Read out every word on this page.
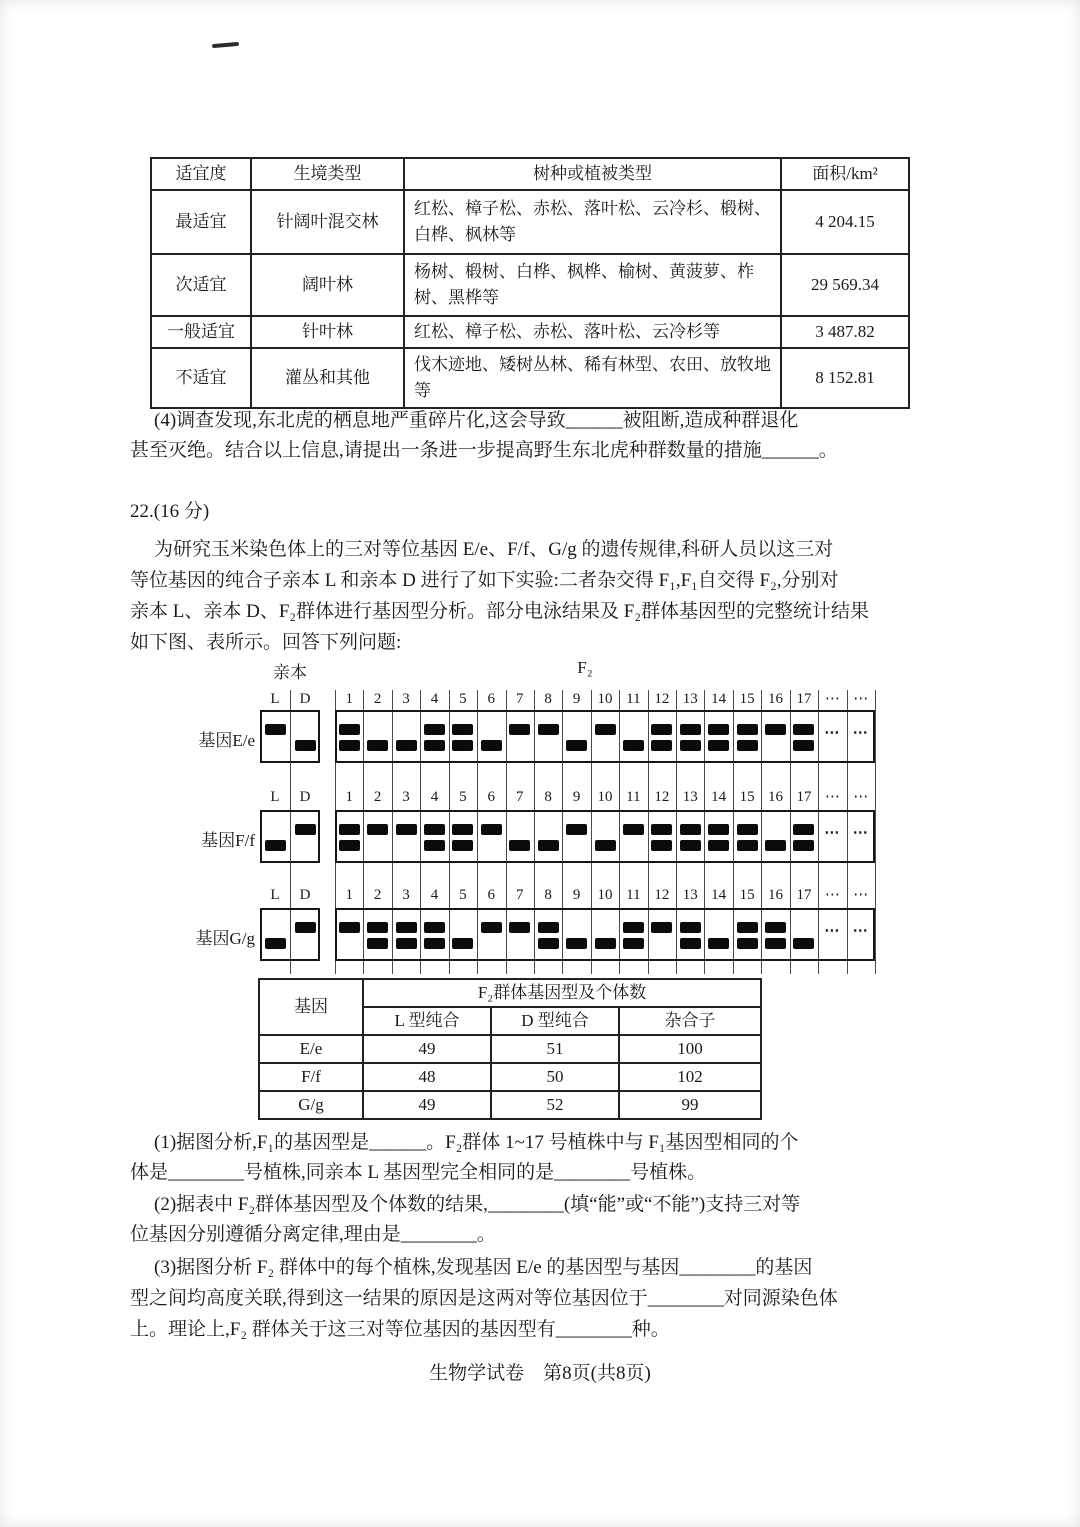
适宜度	生境类型	树种或植被类型	面积/km²
最适宜	针阔叶混交林	红松、樟子松、赤松、落叶松、云冷杉、椴树、白桦、枫林等	4 204.15
次适宜	阔叶林	杨树、椴树、白桦、枫桦、榆树、黄菠萝、柞树、黑桦等	29 569.34
一般适宜	针叶林	红松、樟子松、赤松、落叶松、云冷杉等	3 487.82
不适宜	灌丛和其他	伐木迹地、矮树丛林、稀有林型、农田、放牧地等	8 152.81
(4)调查发现,东北虎的栖息地严重碎片化,这会导致______被阻断,造成种群退化
甚至灭绝。结合以上信息,请提出一条进一步提高野生东北虎种群数量的措施______。
22.(16 分)
为研究玉米染色体上的三对等位基因 E/e、F/f、G/g 的遗传规律,科研人员以这三对
等位基因的纯合子亲本 L 和亲本 D 进行了如下实验:二者杂交得 F₁,F₁自交得 F₂,分别对
亲本 L、亲本 D、F₂群体进行基因型分析。部分电泳结果及 F₂群体基因型的完整统计结果
如下图、表所示。回答下列问题:
亲本	F₂
基因E/e
L	D	1	2	3	4	5	6	7	8	9	10 11 12 13 14 15 16 17 ⋯
⋯
⋯
⋯
基因F/f
L	D	1	2	3	4	5	6	7	8	9	10 11 12 13 14 15 16 17 ⋯
⋯
⋯
⋯
基因G/g
L	D	1	2	3	4	5	6	7	8	9	10 11 12 13 14 15 16 17 ⋯
⋯
⋯
⋯
基因	F₂群体基因型及个体数		
	L 型纯合	D 型纯合	杂合子
E/e	49	51	100
F/f	48	50	102
G/g	49	52	99
(1)据图分析,F₁的基因型是______。F₂群体 1~17 号植株中与 F₁基因型相同的个
体是________号植株,同亲本 L 基因型完全相同的是________号植株。
(2)据表中 F₂群体基因型及个体数的结果,________(填“能”或“不能”)支持三对等
位基因分别遵循分离定律,理由是________。
(3)据图分析 F₂ 群体中的每个植株,发现基因 E/e 的基因型与基因________的基因
型之间均高度关联,得到这一结果的原因是这两对等位基因位于________对同源染色体
上。理论上,F₂ 群体关于这三对等位基因的基因型有________种。
生物学试卷　第8页(共8页)
